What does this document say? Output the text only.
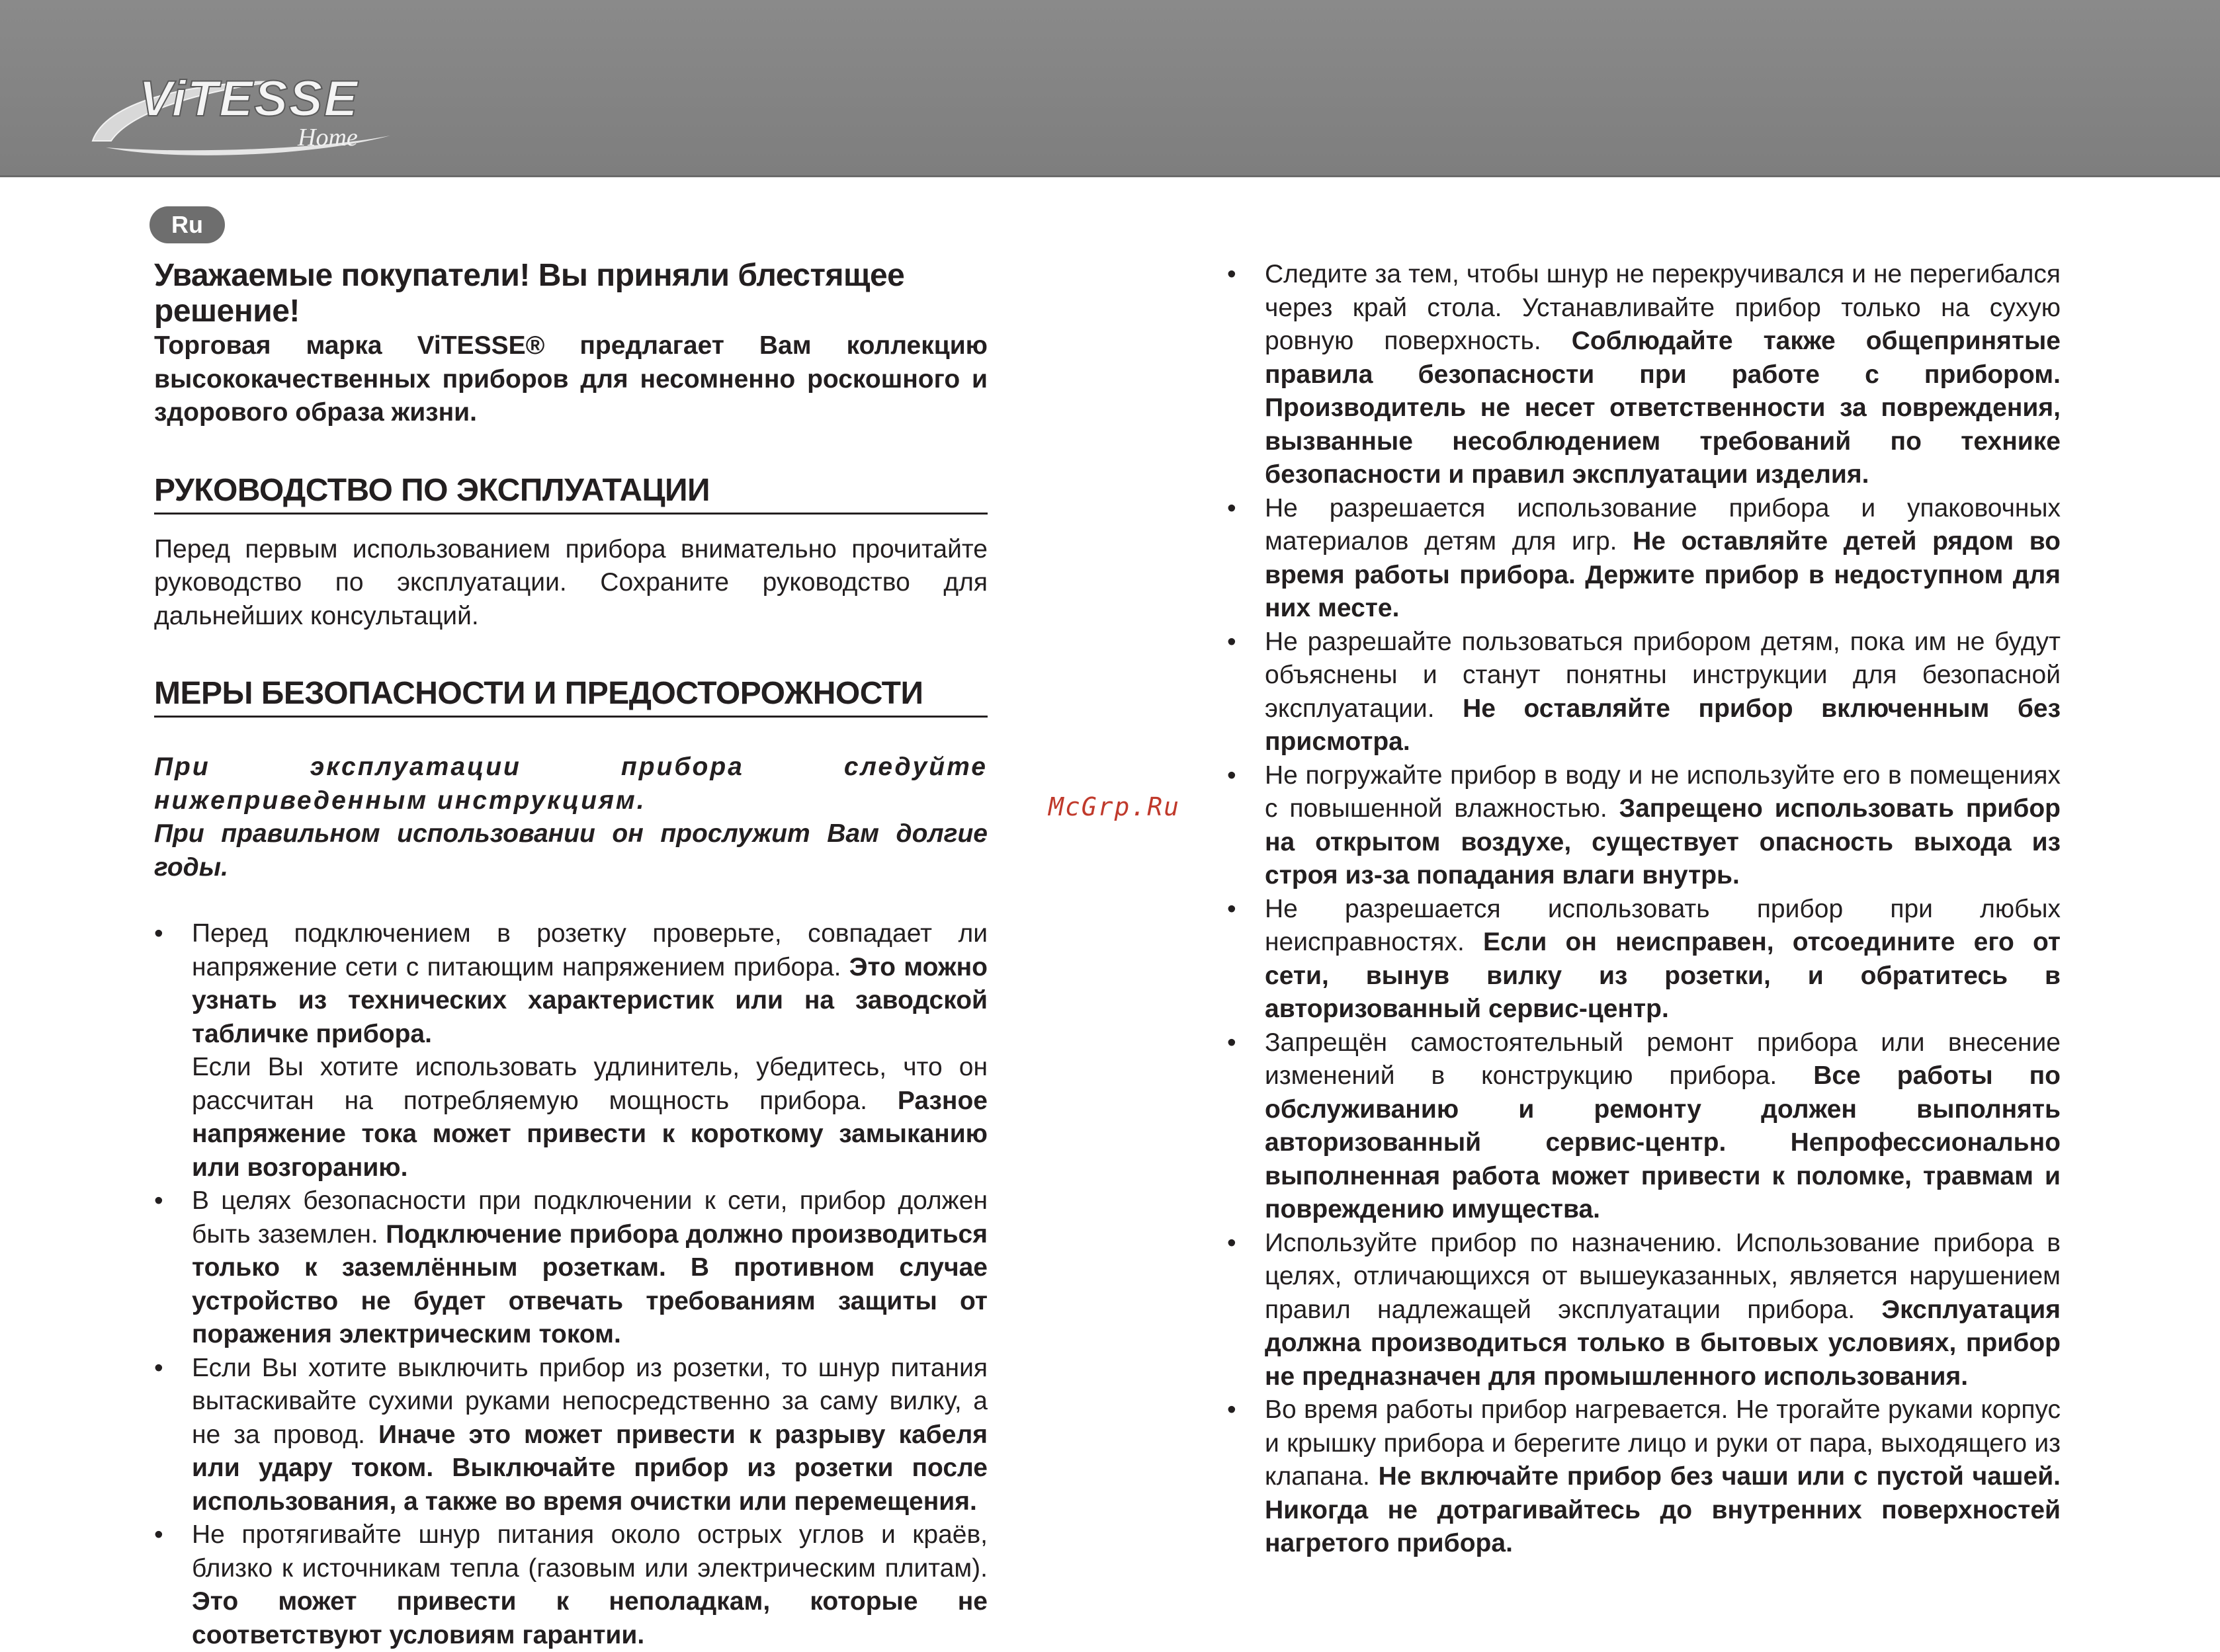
ViTESSE
Home
Ru

Уважаемые покупатели! Вы приняли блестящее решение!

Торговая марка ViTESSE® предлагает Вам коллекцию высококачественных приборов для несомненно роскошного и здорового образа жизни.

РУКОВОДСТВО ПО ЭКСПЛУАТАЦИИ

Перед первым использованием прибора внимательно прочитайте руководство по эксплуатации. Сохраните руководство для дальнейших консультаций.

МЕРЫ БЕЗОПАСНОСТИ И ПРЕДОСТОРОЖНОСТИ

При эксплуатации прибора следуйте нижеприведенным инструкциям.

При правильном использовании он прослужит Вам долгие годы.

• Перед подключением в розетку проверьте, совпадает ли напряжение сети с питающим напряжением прибора. Это можно узнать из технических характеристик или на заводской табличке прибора.

Если Вы хотите использовать удлинитель, убедитесь, что он рассчитан на потребляемую мощность прибора. Разное напряжение тока может привести к короткому замыканию или возгоранию.

• В целях безопасности при подключении к сети, прибор должен быть заземлен. Подключение прибора должно производиться только к заземлённым розеткам. В противном случае устройство не будет отвечать требованиям защиты от поражения электрическим током.

• Если Вы хотите выключить прибор из розетки, то шнур питания вытаскивайте сухими руками непосредственно за саму вилку, а не за провод. Иначе это может привести к разрыву кабеля или удару током. Выключайте прибор из розетки после использования, а также во время очистки или перемещения.

• Не протягивайте шнур питания около острых углов и краёв, близко к источникам тепла (газовым или электрическим плитам). Это может привести к неполадкам, которые не соответствуют условиям гарантии.

McGrp.Ru

• Следите за тем, чтобы шнур не перекручивался и не перегибался через край стола. Устанавливайте прибор только на сухую ровную поверхность. Соблюдайте также общепринятые правила безопасности при работе с прибором. Производитель не несет ответственности за повреждения, вызванные несоблюдением требований по технике безопасности и правил эксплуатации изделия.

• Не разрешается использование прибора и упаковочных материалов детям для игр. Не оставляйте детей рядом во время работы прибора. Держите прибор в недоступном для них месте.

• Не разрешайте пользоваться прибором детям, пока им не будут объяснены и станут понятны инструкции для безопасной эксплуатации. Не оставляйте прибор включенным без присмотра.

• Не погружайте прибор в воду и не используйте его в помещениях с повышенной влажностью. Запрещено использовать прибор на открытом воздухе, существует опасность выхода из строя из-за попадания влаги внутрь.

• Не разрешается использовать прибор при любых неисправностях. Если он неисправен, отсоедините его от сети, вынув вилку из розетки, и обратитесь в авторизованный сервис-центр.

• Запрещён самостоятельный ремонт прибора или внесение изменений в конструкцию прибора. Все работы по обслуживанию и ремонту должен выполнять авторизованный сервис-центр. Непрофессионально выполненная работа может привести к поломке, травмам и повреждению имущества.

• Используйте прибор по назначению. Использование прибора в целях, отличающихся от вышеуказанных, является нарушением правил надлежащей эксплуатации прибора. Эксплуатация должна производиться только в бытовых условиях, прибор не предназначен для промышленного использования.

• Во время работы прибор нагревается. Не трогайте руками корпус и крышку прибора и берегите лицо и руки от пара, выходящего из клапана. Не включайте прибор без чаши или с пустой чашей. Никогда не дотрагивайтесь до внутренних поверхностей нагретого прибора.
